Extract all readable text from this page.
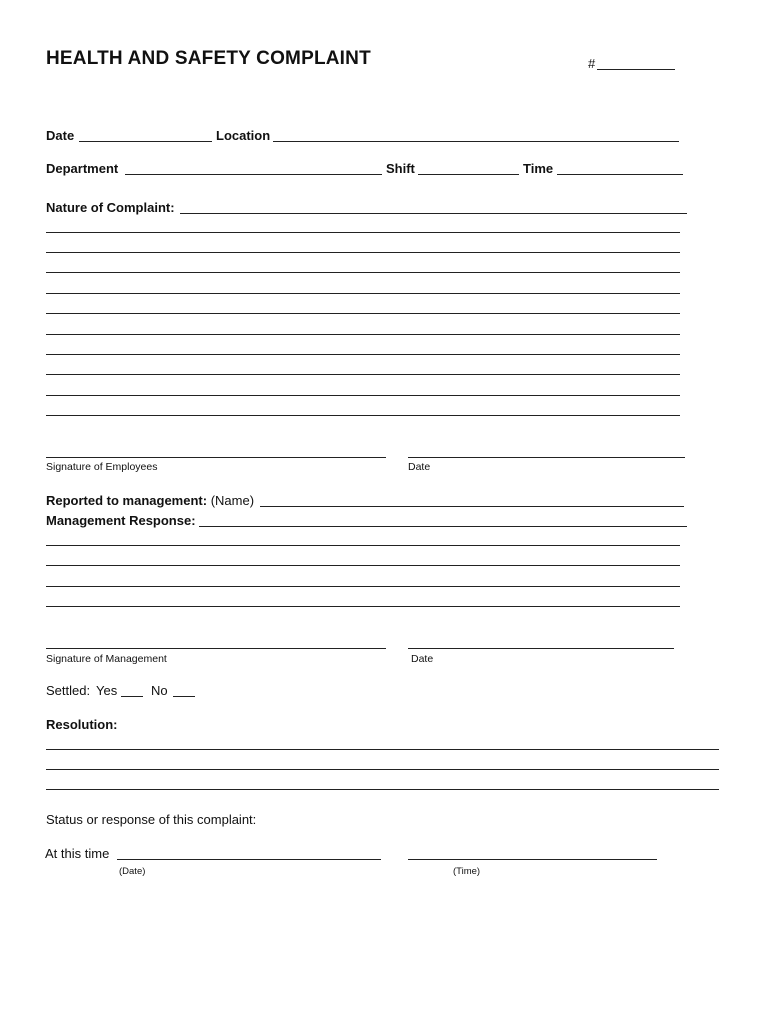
HEALTH AND SAFETY COMPLAINT	#
Date	Location
Department	Shift	Time
Nature of Complaint:
Signature of Employees	Date
Reported to management: (Name)
Management Response:
Signature of Management	Date
Settled: Yes	No
Resolution:
Status or response of this complaint:
At this time
(Date)	(Time)
